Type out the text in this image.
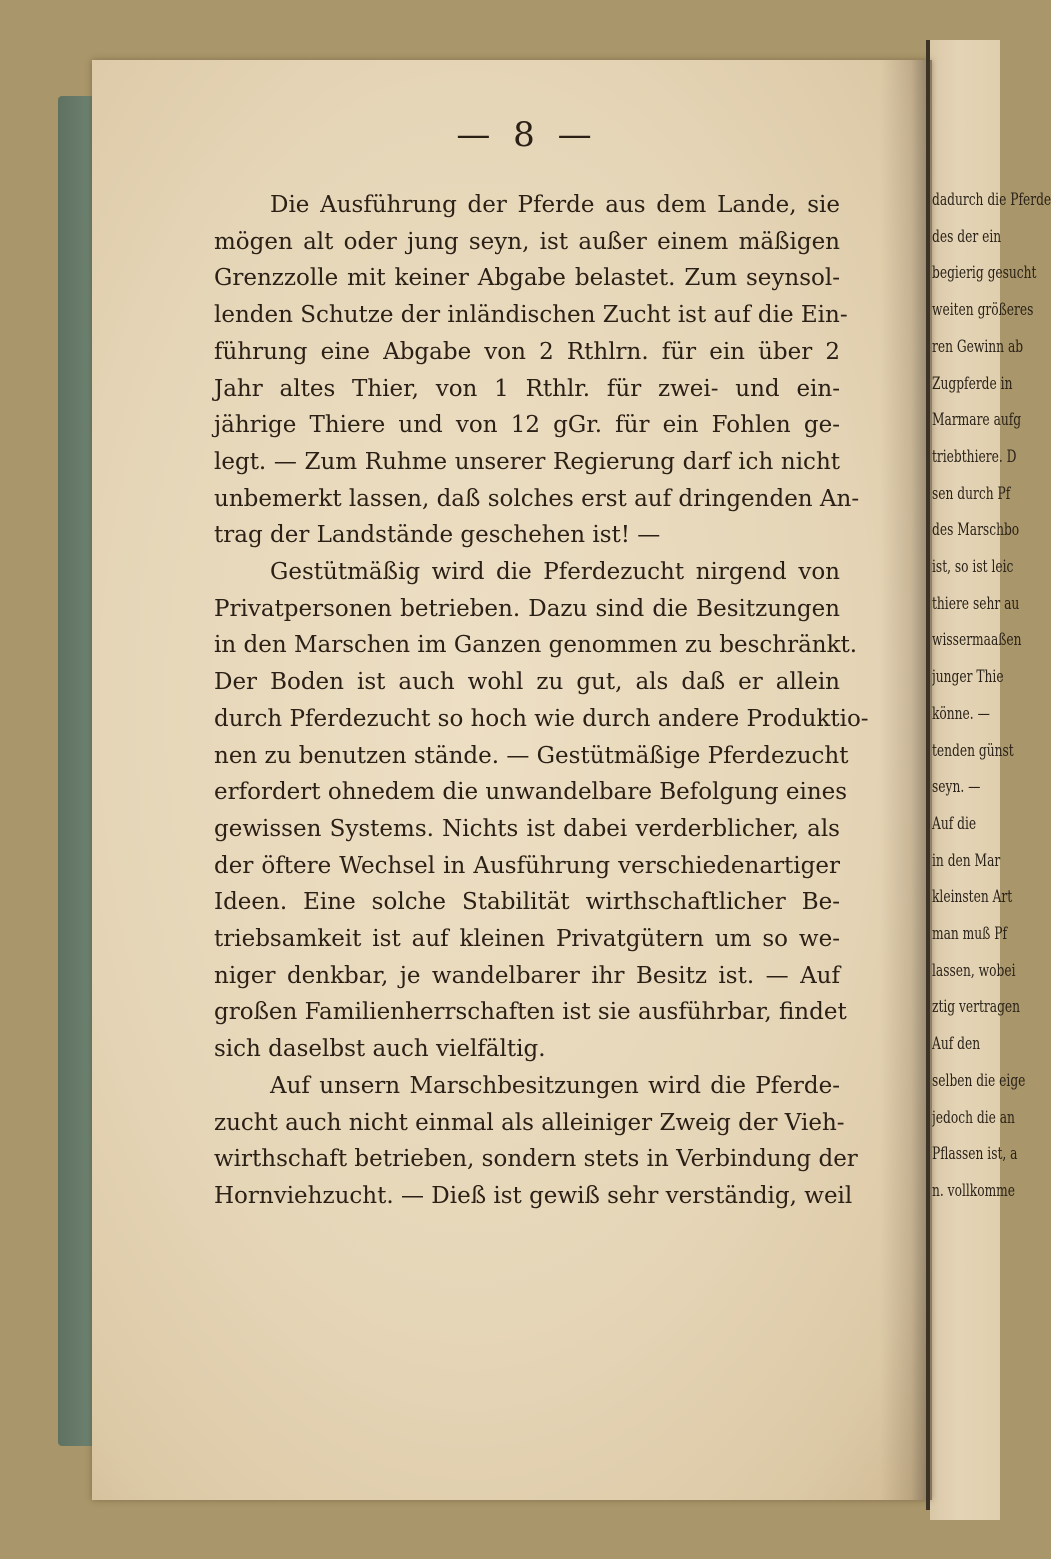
dadurch die Pferde
des der ein
begierig gesucht
weiten größeres
ren Gewinn ab
Zugpferde in
Marmare aufg
triebthiere. D
sen durch Pf
des Marschbo
ist, so ist leic
thiere sehr au
wissermaaßen
junger Thie
könne. —
tenden günst
seyn. —
Auf die
in den Mar
kleinsten Art
man muß Pf
lassen, wobei
ztig vertragen
Auf den
selben die eige
jedoch die an
Pflassen ist, a
n. vollkomme
— 8 —
Die Ausführung der Pferde aus dem Lande, sie
mögen alt oder jung seyn, ist außer einem mäßigen
Grenzzolle mit keiner Abgabe belastet. Zum seynsol-
lenden Schutze der inländischen Zucht ist auf die Ein-
führung eine Abgabe von 2 Rthlrn. für ein über 2
Jahr altes Thier, von 1 Rthlr. für zwei- und ein-
jährige Thiere und von 12 gGr. für ein Fohlen ge-
legt. — Zum Ruhme unserer Regierung darf ich nicht
unbemerkt lassen, daß solches erst auf dringenden An-
trag der Landstände geschehen ist! —
Gestütmäßig wird die Pferdezucht nirgend von
Privatpersonen betrieben. Dazu sind die Besitzungen
in den Marschen im Ganzen genommen zu beschränkt.
Der Boden ist auch wohl zu gut, als daß er allein
durch Pferdezucht so hoch wie durch andere Produktio-
nen zu benutzen stände. — Gestütmäßige Pferdezucht
erfordert ohnedem die unwandelbare Befolgung eines
gewissen Systems. Nichts ist dabei verderblicher, als
der öftere Wechsel in Ausführung verschiedenartiger
Ideen. Eine solche Stabilität wirthschaftlicher Be-
triebsamkeit ist auf kleinen Privatgütern um so we-
niger denkbar, je wandelbarer ihr Besitz ist. — Auf
großen Familienherrschaften ist sie ausführbar, findet
sich daselbst auch vielfältig.
Auf unsern Marschbesitzungen wird die Pferde-
zucht auch nicht einmal als alleiniger Zweig der Vieh-
wirthschaft betrieben, sondern stets in Verbindung der
Hornviehzucht. — Dieß ist gewiß sehr verständig, weil
